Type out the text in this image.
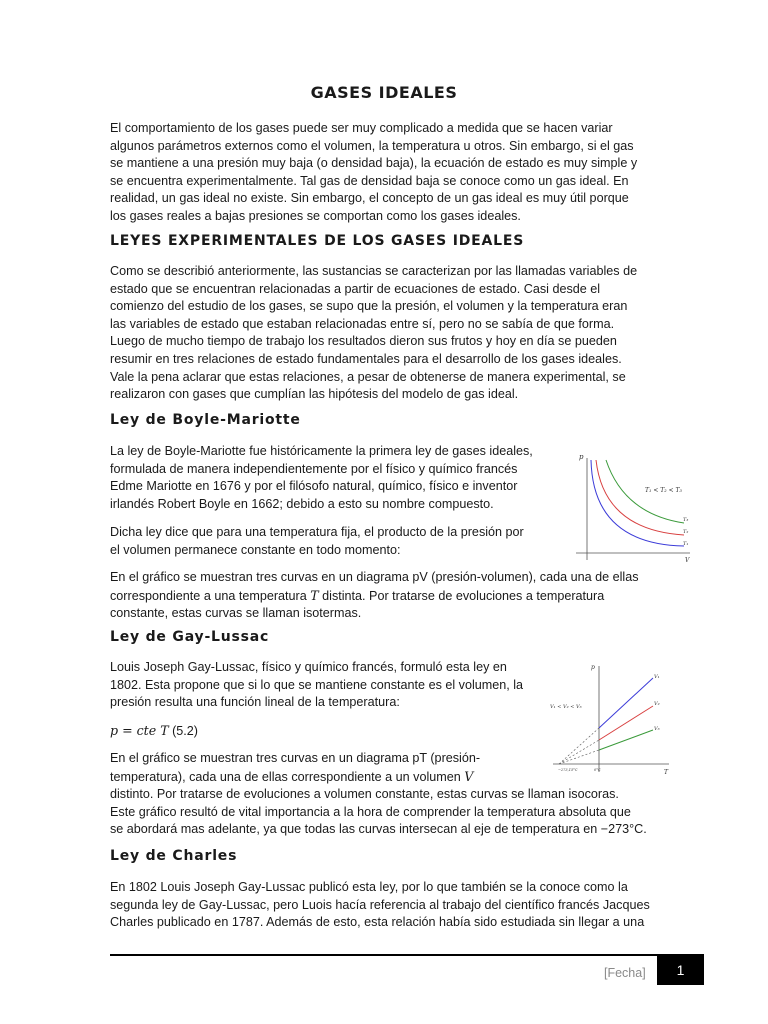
GASES IDEALES

El comportamiento de los gases puede ser muy complicado a medida que se hacen variar
algunos parámetros externos como el volumen, la temperatura u otros. Sin embargo, si el gas
se mantiene a una presión muy baja (o densidad baja), la ecuación de estado es muy simple y
se encuentra experimentalmente. Tal gas de densidad baja se conoce como un gas ideal. En
realidad, un gas ideal no existe. Sin embargo, el concepto de un gas ideal es muy útil porque
los gases reales a bajas presiones se comportan como los gases ideales.

LEYES EXPERIMENTALES DE LOS GASES IDEALES

Como se describió anteriormente, las sustancias se caracterizan por las llamadas variables de
estado que se encuentran relacionadas a partir de ecuaciones de estado. Casi desde el
comienzo del estudio de los gases, se supo que la presión, el volumen y la temperatura eran
las variables de estado que estaban relacionadas entre sí, pero no se sabía de que forma.
Luego de mucho tiempo de trabajo los resultados dieron sus frutos y hoy en día se pueden
resumir en tres relaciones de estado fundamentales para el desarrollo de los gases ideales.
Vale la pena aclarar que estas relaciones, a pesar de obtenerse de manera experimental, se
realizaron con gases que cumplían las hipótesis del modelo de gas ideal.

Ley de Boyle-Mariotte

La ley de Boyle-Mariotte fue históricamente la primera ley de gases ideales,
formulada de manera independientemente por el físico y químico francés
Edme Mariotte en 1676 y por el filósofo natural, químico, físico e inventor
irlandés Robert Boyle en 1662; debido a esto su nombre compuesto.

Dicha ley dice que para una temperatura fija, el producto de la presión por
el volumen permanece constante en todo momento:

p
V
T₁ < T₂ < T₃
T₃
T₂
T₁

En el gráfico se muestran tres curvas en un diagrama pV (presión-volumen), cada una de ellas
correspondiente a una temperatura T distinta. Por tratarse de evoluciones a temperatura
constante, estas curvas se llaman isotermas.

Ley de Gay-Lussac

Louis Joseph Gay-Lussac, físico y químico francés, formuló esta ley en
1802. Esta propone que si lo que se mantiene constante es el volumen, la
presión resulta una función lineal de la temperatura:

p = cte T (5.2)

p
T
V₁ < V₂ < V₃
V₁
V₂
V₃
−273,15°C	0°C

En el gráfico se muestran tres curvas en un diagrama pT (presión-
temperatura), cada una de ellas correspondiente a un volumen V
distinto. Por tratarse de evoluciones a volumen constante, estas curvas se llaman isocoras.
Este gráfico resultó de vital importancia a la hora de comprender la temperatura absoluta que
se abordará mas adelante, ya que todas las curvas intersecan al eje de temperatura en −273°C.

Ley de Charles

En 1802 Louis Joseph Gay-Lussac publicó esta ley, por lo que también se la conoce como la
segunda ley de Gay-Lussac, pero Luois hacía referencia al trabajo del científico francés Jacques
Charles publicado en 1787. Además de esto, esta relación había sido estudiada sin llegar a una

[Fecha]	1
